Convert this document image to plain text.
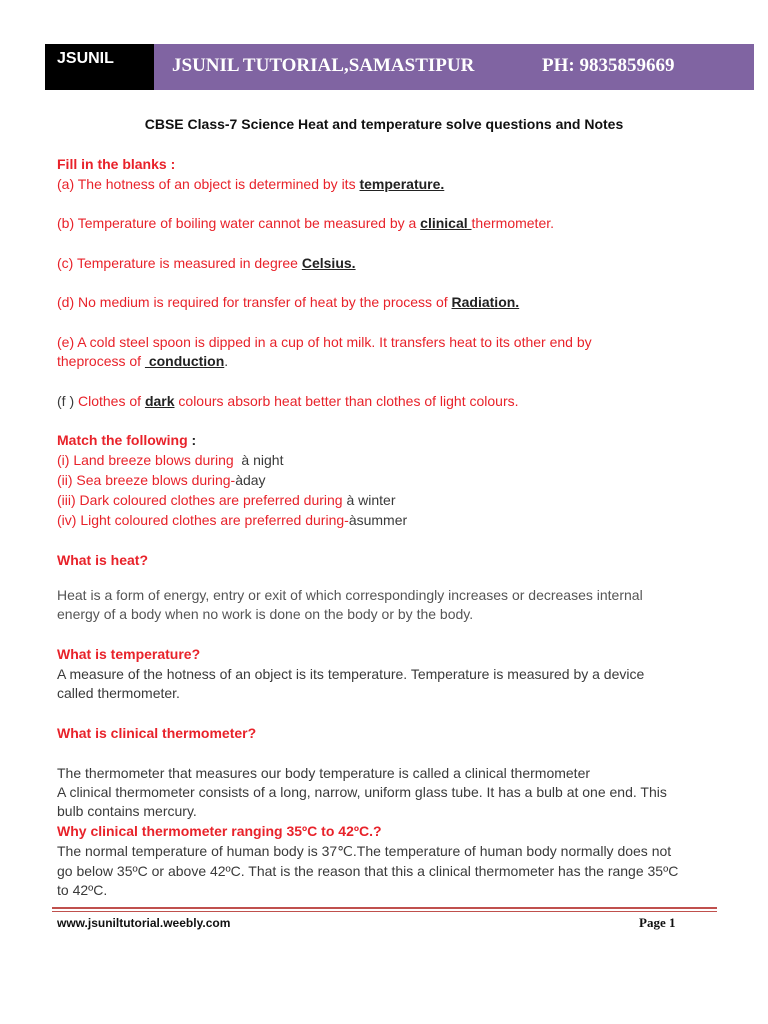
JSUNIL	JSUNIL TUTORIAL,SAMASTIPUR	PH: 9835859669
CBSE Class-7 Science Heat and temperature solve questions and Notes
Fill in the blanks :
(a) The hotness of an object is determined by its temperature.
(b) Temperature of boiling water cannot be measured by a clinical thermometer.
(c) Temperature is measured in degree Celsius.
(d) No medium is required for transfer of heat by the process of Radiation.
(e) A cold steel spoon is dipped in a cup of hot milk. It transfers heat to its other end by
theprocess of  conduction.
(f ) Clothes of dark colours absorb heat better than clothes of light colours.
Match the following :
(i) Land breeze blows during  à night
(ii) Sea breeze blows during-àday
(iii) Dark coloured clothes are preferred during à winter
(iv) Light coloured clothes are preferred during-àsummer
What is heat?
Heat is a form of energy, entry or exit of which correspondingly increases or decreases internal
energy of a body when no work is done on the body or by the body.
What is temperature?
A measure of the hotness of an object is its temperature. Temperature is measured by a device
called thermometer.
What is clinical thermometer?
The thermometer that measures our body temperature is called a clinical thermometer
A clinical thermometer consists of a long, narrow, uniform glass tube. It has a bulb at one end. This
bulb contains mercury.
Why clinical thermometer ranging 35ºC to 42ºC.?
The normal temperature of human body is 37℃.The temperature of human body normally does not
go below 35ºC or above 42ºC. That is the reason that this a clinical thermometer has the range 35ºC
to 42ºC.
www.jsuniltutorial.weebly.com	Page 1
